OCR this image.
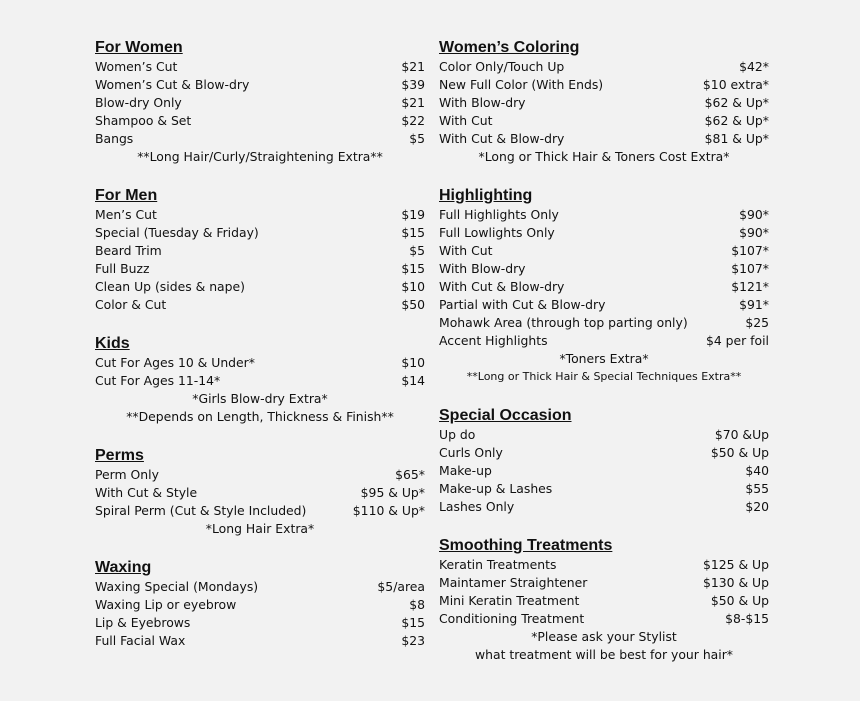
For Women
Women’s Cut	$21
Women’s Cut & Blow-dry	$39
Blow-dry Only	$21
Shampoo & Set	$22
Bangs	$5
**Long Hair/Curly/Straightening Extra**
For Men
Men’s Cut	$19
Special (Tuesday & Friday)	$15
Beard Trim	$5
Full Buzz	$15
Clean Up (sides & nape)	$10
Color & Cut	$50
Kids
Cut For Ages 10 & Under*	$10
Cut For Ages 11-14*	$14
*Girls Blow-dry Extra*
**Depends on Length, Thickness & Finish**
Perms
Perm Only	$65*
With Cut & Style	$95 & Up*
Spiral Perm (Cut & Style Included)	$110 & Up*
*Long Hair Extra*
Waxing
Waxing Special (Mondays)	$5/area
Waxing Lip or eyebrow	$8
Lip & Eyebrows	$15
Full Facial Wax	$23
Women’s Coloring
Color Only/Touch Up	$42*
New Full Color (With Ends)	$10 extra*
With Blow-dry	$62 & Up*
With Cut	$62 & Up*
With Cut & Blow-dry	$81 & Up*
*Long or Thick Hair & Toners Cost Extra*
Highlighting
Full Highlights Only	$90*
Full Lowlights Only	$90*
With Cut	$107*
With Blow-dry	$107*
With Cut & Blow-dry	$121*
Partial with Cut & Blow-dry	$91*
Mohawk Area (through top parting only)	$25
Accent Highlights	$4 per foil
*Toners Extra*
**Long or Thick Hair & Special Techniques Extra**
Special Occasion
Up do	$70 &Up
Curls Only	$50 & Up
Make-up	$40
Make-up & Lashes	$55
Lashes Only	$20
Smoothing Treatments
Keratin Treatments	$125 & Up
Maintamer Straightener	$130 & Up
Mini Keratin Treatment	$50 & Up
Conditioning Treatment	$8-$15
*Please ask your Stylist
what treatment will be best for your hair*
